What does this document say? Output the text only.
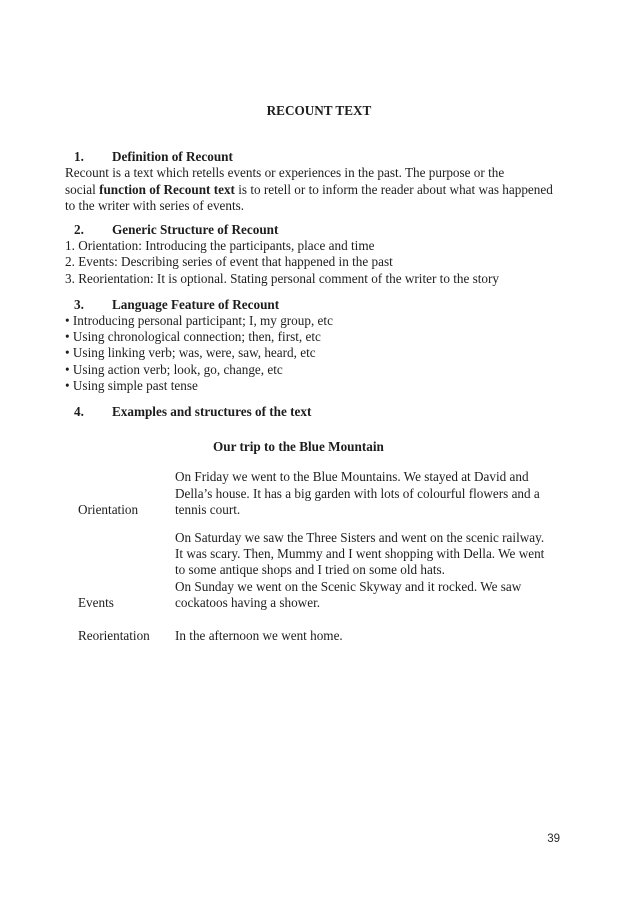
RECOUNT TEXT
1. Definition of Recount
Recount is a text which retells events or experiences in the past. The purpose or the
social function of Recount text is to retell or to inform the reader about what was happened
to the writer with series of events.
2. Generic Structure of Recount
1. Orientation: Introducing the participants, place and time
2. Events: Describing series of event that happened in the past
3. Reorientation: It is optional. Stating personal comment of the writer to the story
3. Language Feature of Recount
• Introducing personal participant; I, my group, etc
• Using chronological connection; then, first, etc
• Using linking verb; was, were, saw, heard, etc
• Using action verb; look, go, change, etc
• Using simple past tense
4. Examples and structures of the text
Our trip to the Blue Mountain
Orientation
On Friday we went to the Blue Mountains. We stayed at David and
Della’s house. It has a big garden with lots of colourful flowers and a
tennis court.
Events
On Saturday we saw the Three Sisters and went on the scenic railway.
It was scary. Then, Mummy and I went shopping with Della. We went
to some antique shops and I tried on some old hats.
On Sunday we went on the Scenic Skyway and it rocked. We saw
cockatoos having a shower.
Reorientation	In the afternoon we went home.
39
